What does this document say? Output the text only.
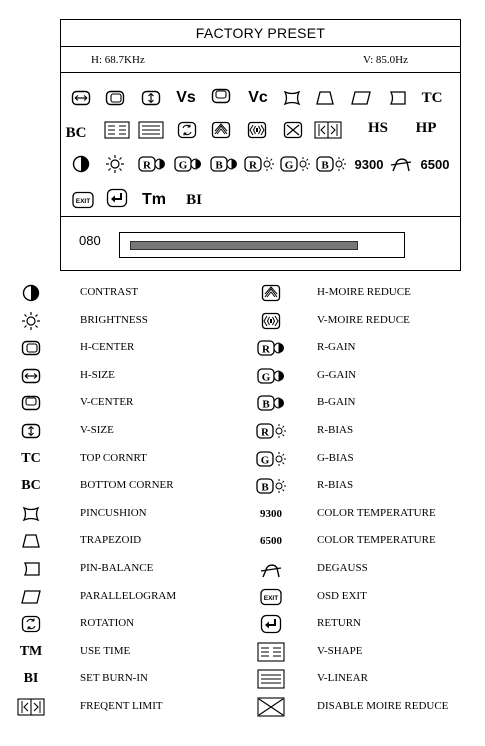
FACTORY PRESET
H: 68.7KHz	V: 85.0Hz
Vs	Vc	TC
BC	HS	HP
R	G	B R	G	B 9300	6500
EXIT	Tm	BI
080
CONTRAST
BRIGHTNESS
H-CENTER
H-SIZE
V-CENTER
V-SIZE
TC	TOP CORNRT
BC	BOTTOM CORNER
PINCUSHION
TRAPEZOID
PIN-BALANCE
PARALLELOGRAM
ROTATION
TM	USE TIME
BI	SET BURN-IN
FREQENT LIMIT
H-MOIRE REDUCE
V-MOIRE REDUCE
R	R-GAIN
G	G-GAIN
B	B-GAIN
R	R-BIAS
G	G-BIAS
B	R-BIAS
9300	COLOR TEMPERATURE
6500	COLOR TEMPERATURE
DEGAUSS
EXIT	OSD EXIT
RETURN
V-SHAPE
V-LINEAR
DISABLE MOIRE REDUCE
